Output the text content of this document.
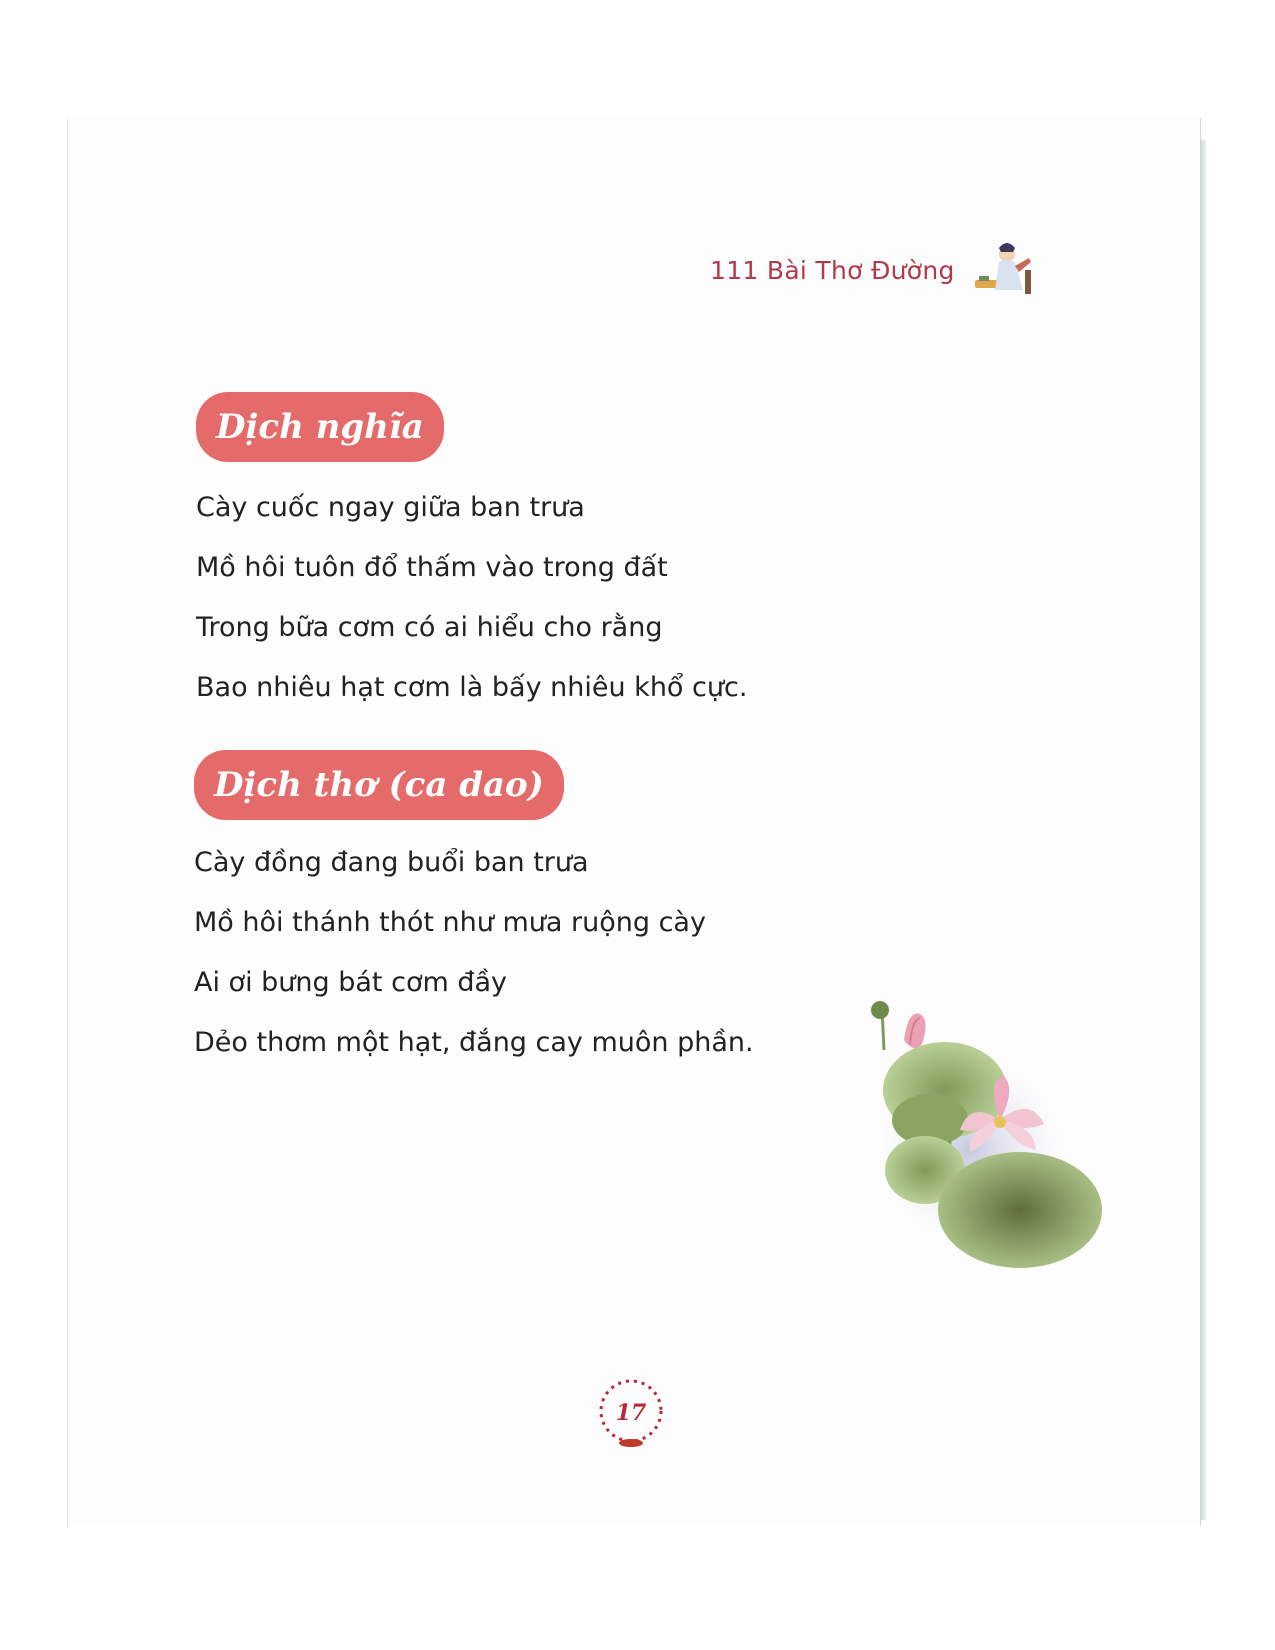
111 Bài Thơ Đường
Dịch nghĩa
Cày cuốc ngay giữa ban trưa
Mồ hôi tuôn đổ thấm vào trong đất
Trong bữa cơm có ai hiểu cho rằng
Bao nhiêu hạt cơm là bấy nhiêu khổ cực.
Dịch thơ (ca dao)
Cày đồng đang buổi ban trưa
Mồ hôi thánh thót như mưa ruộng cày
Ai ơi bưng bát cơm đầy
Dẻo thơm một hạt, đắng cay muôn phần.
17
